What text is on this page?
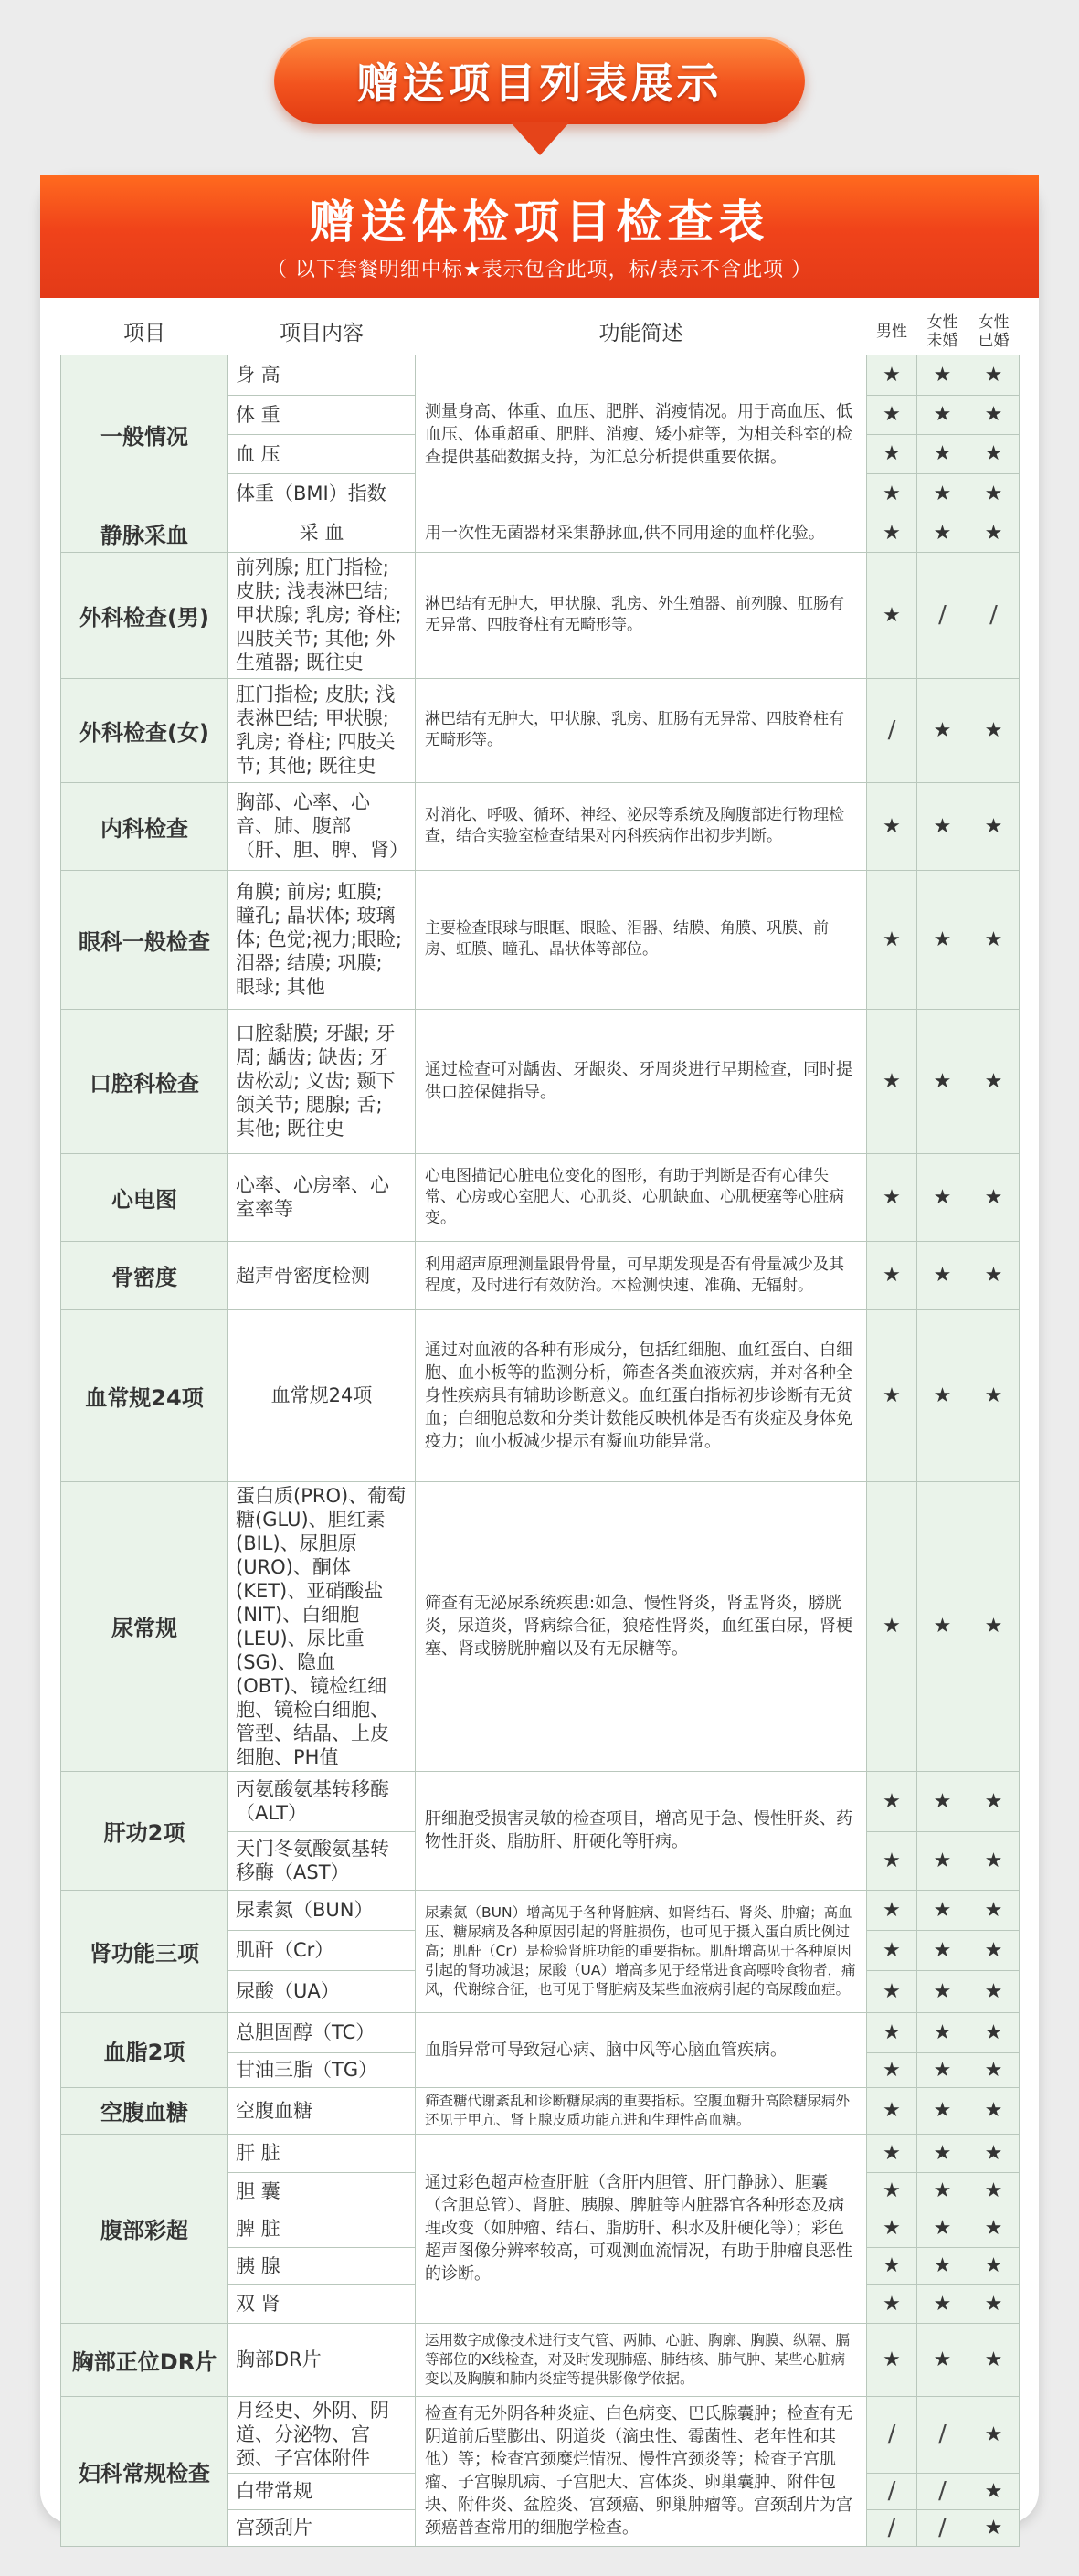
赠送项目列表展示
赠送体检项目检查表
（ 以下套餐明细中标★表示包含此项，标/表示不含此项 ）
项目	项目内容	功能简述	男性	女性未婚	女性已婚
一般情况	身 高	测量身高、体重、血压、肥胖、消瘦情况。用于高血压、低血压、体重超重、肥胖、消瘦、矮小症等，为相关科室的检查提供基础数据支持，为汇总分析提供重要依据。	★	★	★
	体 重		★	★	★
	血 压		★	★	★
	体重（BMI）指数		★	★	★
静脉采血	采 血	用一次性无菌器材采集静脉血,供不同用途的血样化验。	★	★	★
外科检查(男)	前列腺; 肛门指检; 皮肤; 浅表淋巴结; 甲状腺; 乳房; 脊柱; 四肢关节; 其他; 外生殖器; 既往史	淋巴结有无肿大，甲状腺、乳房、外生殖器、前列腺、肛肠有无异常、四肢脊柱有无畸形等。	★	/	/
外科检查(女)	肛门指检; 皮肤; 浅表淋巴结; 甲状腺; 乳房; 脊柱; 四肢关节; 其他; 既往史	淋巴结有无肿大，甲状腺、乳房、肛肠有无异常、四肢脊柱有无畸形等。	/	★	★
内科检查	胸部、心率、心音、肺、腹部（肝、胆、脾、肾）	对消化、呼吸、循环、神经、泌尿等系统及胸腹部进行物理检查，结合实验室检查结果对内科疾病作出初步判断。	★	★	★
眼科一般检查	角膜; 前房; 虹膜; 瞳孔; 晶状体; 玻璃体; 色觉;视力;眼睑;泪器; 结膜; 巩膜; 眼球; 其他	主要检查眼球与眼眶、眼睑、泪器、结膜、角膜、巩膜、前房、虹膜、瞳孔、晶状体等部位。	★	★	★
口腔科检查	口腔黏膜; 牙龈; 牙周; 龋齿; 缺齿; 牙齿松动; 义齿; 颞下颌关节; 腮腺; 舌; 其他; 既往史	通过检查可对龋齿、牙龈炎、牙周炎进行早期检查，同时提供口腔保健指导。	★	★	★
心电图	心率、心房率、心室率等	心电图描记心脏电位变化的图形，有助于判断是否有心律失常、心房或心室肥大、心肌炎、心肌缺血、心肌梗塞等心脏病变。	★	★	★
骨密度	超声骨密度检测	利用超声原理测量跟骨骨量，可早期发现是否有骨量减少及其程度，及时进行有效防治。本检测快速、准确、无辐射。	★	★	★
血常规24项	血常规24项	通过对血液的各种有形成分，包括红细胞、血红蛋白、白细胞、血小板等的监测分析，筛查各类血液疾病，并对各种全身性疾病具有辅助诊断意义。血红蛋白指标初步诊断有无贫血；白细胞总数和分类计数能反映机体是否有炎症及身体免疫力；血小板减少提示有凝血功能异常。	★	★	★
尿常规	蛋白质(PRO)、葡萄糖(GLU)、胆红素(BIL)、尿胆原(URO)、酮体(KET)、亚硝酸盐(NIT)、白细胞(LEU)、尿比重(SG)、隐血(OBT)、镜检红细胞、镜检白细胞、管型、结晶、上皮细胞、PH值	筛查有无泌尿系统疾患:如急、慢性肾炎，肾盂肾炎，膀胱炎，尿道炎，肾病综合征，狼疮性肾炎，血红蛋白尿，肾梗塞、肾或膀胱肿瘤以及有无尿糖等。	★	★	★
肝功2项	丙氨酸氨基转移酶（ALT）	肝细胞受损害灵敏的检查项目，增高见于急、慢性肝炎、药物性肝炎、脂肪肝、肝硬化等肝病。	★	★	★
	天门冬氨酸氨基转移酶（AST）		★	★	★
肾功能三项	尿素氮（BUN）	尿素氮（BUN）增高见于各种肾脏病、如肾结石、肾炎、肿瘤；高血压、糖尿病及各种原因引起的肾脏损伤，也可见于摄入蛋白质比例过高；肌酐（Cr）是检验肾脏功能的重要指标。肌酐增高见于各种原因引起的肾功减退；尿酸（UA）增高多见于经常进食高嘌呤食物者，痛风，代谢综合征，也可见于肾脏病及某些血液病引起的高尿酸血症。	★	★	★
	肌酐（Cr）		★	★	★
	尿酸（UA）		★	★	★
血脂2项	总胆固醇（TC）	血脂异常可导致冠心病、脑中风等心脑血管疾病。	★	★	★
	甘油三脂（TG）		★	★	★
空腹血糖	空腹血糖	筛查糖代谢紊乱和诊断糖尿病的重要指标。空腹血糖升高除糖尿病外还见于甲亢、肾上腺皮质功能亢进和生理性高血糖。	★	★	★
腹部彩超	肝 脏	通过彩色超声检查肝脏（含肝内胆管、肝门静脉）、胆囊（含胆总管）、肾脏、胰腺、脾脏等内脏器官各种形态及病理改变（如肿瘤、结石、脂肪肝、积水及肝硬化等）；彩色超声图像分辨率较高，可观测血流情况，有助于肿瘤良恶性的诊断。	★	★	★
	胆 囊		★	★	★
	脾 脏		★	★	★
	胰 腺		★	★	★
	双 肾		★	★	★
胸部正位DR片	胸部DR片	运用数字成像技术进行支气管、两肺、心脏、胸廓、胸膜、纵隔、膈等部位的X线检查，对及时发现肺癌、肺结核、肺气肿、某些心脏病变以及胸膜和肺内炎症等提供影像学依据。	★	★	★
妇科常规检查	月经史、外阴、阴道、分泌物、宫颈、子宫体附件	检查有无外阴各种炎症、白色病变、巴氏腺囊肿；检查有无阴道前后壁膨出、阴道炎（滴虫性、霉菌性、老年性和其他）等；检查宫颈糜烂情况、慢性宫颈炎等；检查子宫肌瘤、子宫腺肌病、子宫肥大、宫体炎、卵巢囊肿、附件包块、附件炎、盆腔炎、宫颈癌、卵巢肿瘤等。宫颈刮片为宫颈癌普查常用的细胞学检查。	/	/	★
	白带常规		/	/	★
	宫颈刮片		/	/	★
